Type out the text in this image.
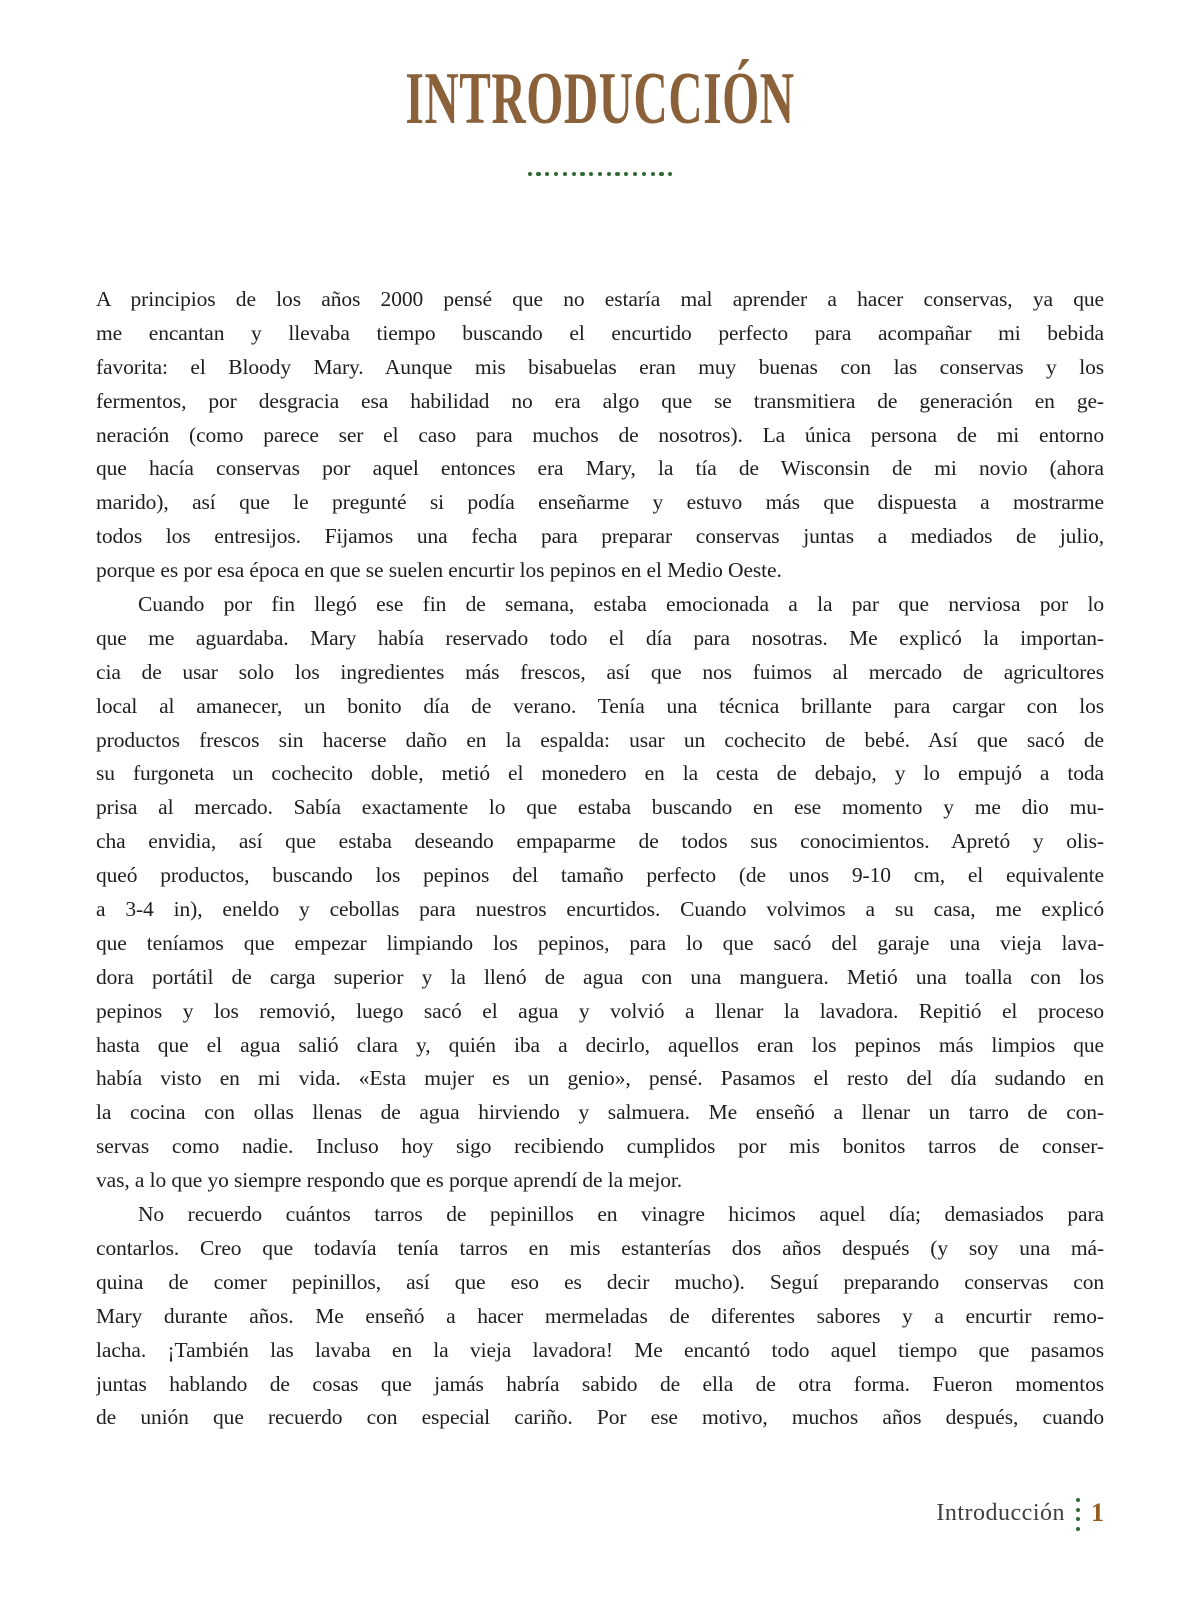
INTRODUCCIÓN

A principios de los años 2000 pensé que no estaría mal aprender a hacer conservas, ya que

me encantan y llevaba tiempo buscando el encurtido perfecto para acompañar mi bebida

favorita: el Bloody Mary. Aunque mis bisabuelas eran muy buenas con las conservas y los

fermentos, por desgracia esa habilidad no era algo que se transmitiera de generación en ge-

neración (como parece ser el caso para muchos de nosotros). La única persona de mi entorno

que hacía conservas por aquel entonces era Mary, la tía de Wisconsin de mi novio (ahora

marido), así que le pregunté si podía enseñarme y estuvo más que dispuesta a mostrarme

todos los entresijos. Fijamos una fecha para preparar conservas juntas a mediados de julio,

porque es por esa época en que se suelen encurtir los pepinos en el Medio Oeste.

Cuando por fin llegó ese fin de semana, estaba emocionada a la par que nerviosa por lo

que me aguardaba. Mary había reservado todo el día para nosotras. Me explicó la importan-

cia de usar solo los ingredientes más frescos, así que nos fuimos al mercado de agricultores

local al amanecer, un bonito día de verano. Tenía una técnica brillante para cargar con los

productos frescos sin hacerse daño en la espalda: usar un cochecito de bebé. Así que sacó de

su furgoneta un cochecito doble, metió el monedero en la cesta de debajo, y lo empujó a toda

prisa al mercado. Sabía exactamente lo que estaba buscando en ese momento y me dio mu-

cha envidia, así que estaba deseando empaparme de todos sus conocimientos. Apretó y olis-

queó productos, buscando los pepinos del tamaño perfecto (de unos 9-10 cm, el equivalente

a 3-4 in), eneldo y cebollas para nuestros encurtidos. Cuando volvimos a su casa, me explicó

que teníamos que empezar limpiando los pepinos, para lo que sacó del garaje una vieja lava-

dora portátil de carga superior y la llenó de agua con una manguera. Metió una toalla con los

pepinos y los removió, luego sacó el agua y volvió a llenar la lavadora. Repitió el proceso

hasta que el agua salió clara y, quién iba a decirlo, aquellos eran los pepinos más limpios que

había visto en mi vida. «Esta mujer es un genio», pensé. Pasamos el resto del día sudando en

la cocina con ollas llenas de agua hirviendo y salmuera. Me enseñó a llenar un tarro de con-

servas como nadie. Incluso hoy sigo recibiendo cumplidos por mis bonitos tarros de conser-

vas, a lo que yo siempre respondo que es porque aprendí de la mejor.

No recuerdo cuántos tarros de pepinillos en vinagre hicimos aquel día; demasiados para

contarlos. Creo que todavía tenía tarros en mis estanterías dos años después (y soy una má-

quina de comer pepinillos, así que eso es decir mucho). Seguí preparando conservas con

Mary durante años. Me enseñó a hacer mermeladas de diferentes sabores y a encurtir remo-

lacha. ¡También las lavaba en la vieja lavadora! Me encantó todo aquel tiempo que pasamos

juntas hablando de cosas que jamás habría sabido de ella de otra forma. Fueron momentos

de unión que recuerdo con especial cariño. Por ese motivo, muchos años después, cuando

Introducción 1
